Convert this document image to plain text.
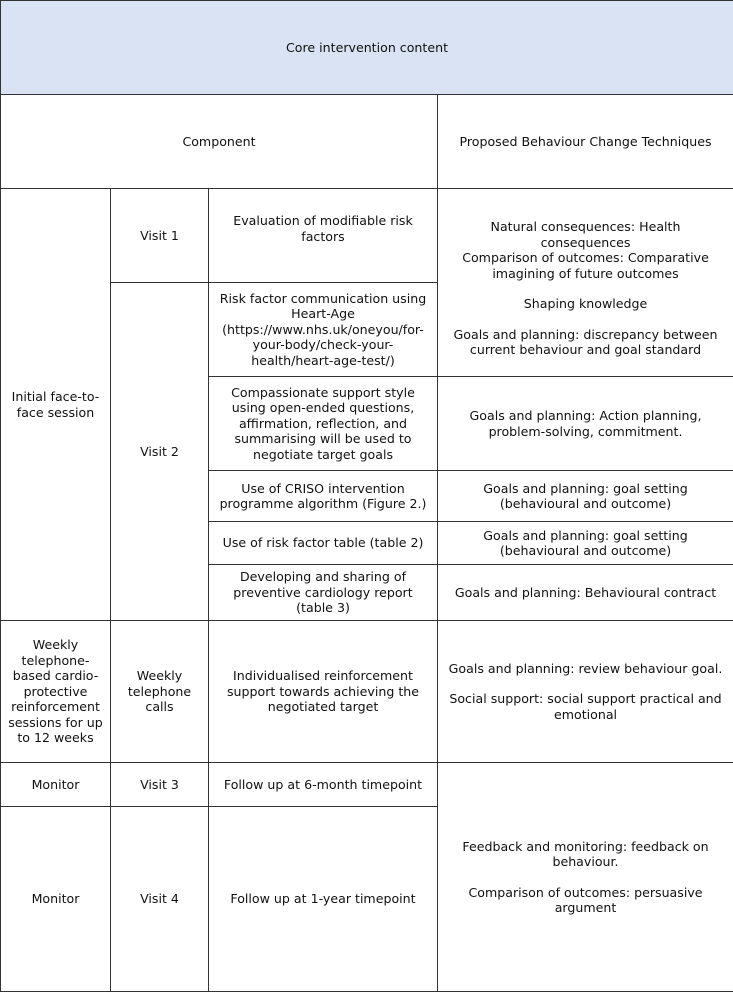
Core intervention content			
Component			Proposed Behaviour Change Techniques
Initial face-to-face session	Visit 1	Evaluation of modifiable risk factors	Natural consequences: Health consequences
Comparison of outcomes: Comparative imagining of future outcomes
Shaping knowledge
Goals and planning: discrepancy between current behaviour and goal standard

	Visit 2	Risk factor communication using Heart-Age (https://www.nhs.uk/oneyou/for-your-body/check-your-health/heart-age-test/)	
		Compassionate support style using open-ended questions, affirmation, reflection, and summarising will be used to negotiate target goals	Goals and planning: Action planning, problem-solving, commitment.
		Use of CRISO intervention programme algorithm (Figure 2.)	Goals and planning: goal setting (behavioural and outcome)
		Use of risk factor table (table 2)	Goals and planning: goal setting (behavioural and outcome)
		Developing and sharing of preventive cardiology report (table 3)	Goals and planning: Behavioural contract
Weekly telephone-based cardio-protective reinforcement sessions for up to 12 weeks	Weekly telephone calls	Individualised reinforcement support towards achieving the negotiated target	Goals and planning: review behaviour goal.
Social support: social support practical and emotional

Monitor	Visit 3	Follow up at 6-month timepoint	Feedback and monitoring: feedback on behaviour.
Comparison of outcomes: persuasive argument

Monitor	Visit 4	Follow up at 1-year timepoint	
